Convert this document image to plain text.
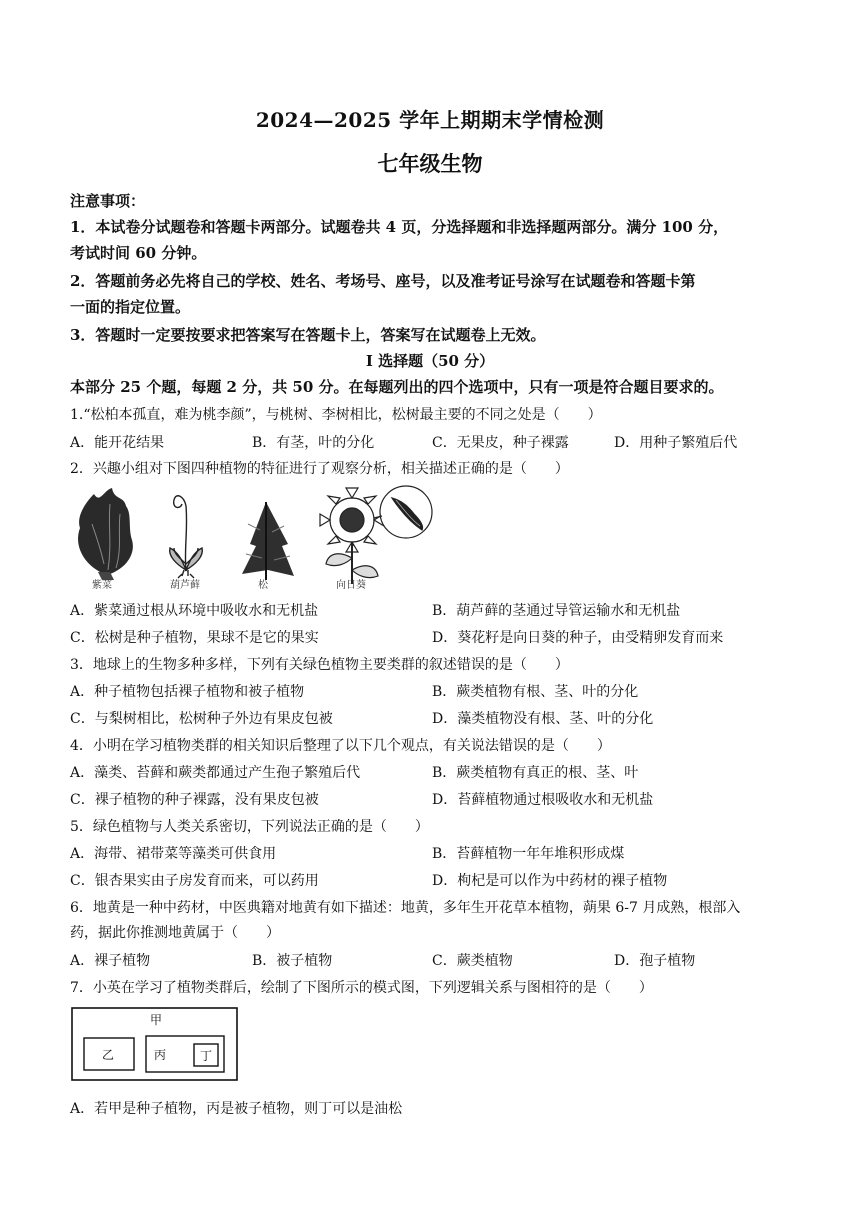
2024—2025 学年上期期末学情检测
七年级生物
注意事项：
1．本试卷分试题卷和答题卡两部分。试题卷共 4 页，分选择题和非选择题两部分。满分 100 分，
考试时间 60 分钟。
2．答题前务必先将自己的学校、姓名、考场号、座号，以及准考证号涂写在试题卷和答题卡第
一面的指定位置。
3．答题时一定要按要求把答案写在答题卡上，答案写在试题卷上无效。
Ⅰ 选择题（50 分）
本部分 25 个题，每题 2 分，共 50 分。在每题列出的四个选项中，只有一项是符合题目要求的。
1.“松柏本孤直，难为桃李颜”，与桃树、李树相比，松树最主要的不同之处是（　　）
A．能开花结果	B．有茎，叶的分化	C．无果皮，种子裸露	D．用种子繁殖后代
2．兴趣小组对下图四种植物的特征进行了观察分析，相关描述正确的是（　　）
紫菜	葫芦藓	松	向日葵
A．紫菜通过根从环境中吸收水和无机盐	B．葫芦藓的茎通过导管运输水和无机盐
C．松树是种子植物，果球不是它的果实	D．葵花籽是向日葵的种子，由受精卵发育而来
3．地球上的生物多种多样，下列有关绿色植物主要类群的叙述错误的是（　　）
A．种子植物包括裸子植物和被子植物	B．蕨类植物有根、茎、叶的分化
C．与梨树相比，松树种子外边有果皮包被	D．藻类植物没有根、茎、叶的分化
4．小明在学习植物类群的相关知识后整理了以下几个观点，有关说法错误的是（　　）
A．藻类、苔藓和蕨类都通过产生孢子繁殖后代	B．蕨类植物有真正的根、茎、叶
C．裸子植物的种子裸露，没有果皮包被	D．苔藓植物通过根吸收水和无机盐
5．绿色植物与人类关系密切，下列说法正确的是（　　）
A．海带、裙带菜等藻类可供食用	B．苔藓植物一年年堆积形成煤
C．银杏果实由子房发育而来，可以药用	D．枸杞是可以作为中药材的裸子植物
6．地黄是一种中药材，中医典籍对地黄有如下描述：地黄，多年生开花草本植物，蒴果 6-7 月成熟，根部入
药，据此你推测地黄属于（　　）
A．裸子植物	B．被子植物	C．蕨类植物	D．孢子植物
7．小英在学习了植物类群后，绘制了下图所示的模式图，下列逻辑关系与图相符的是（　　）
甲
乙	丙	丁
A．若甲是种子植物，丙是被子植物，则丁可以是油松
